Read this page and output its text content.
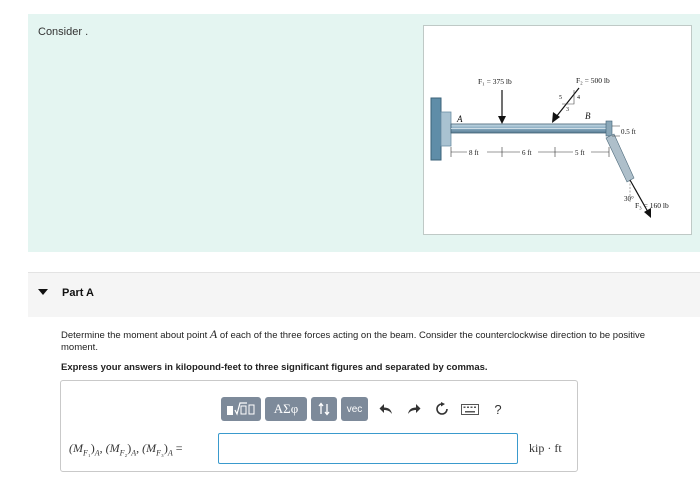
Consider .
A	B
F₁ = 375 lb	F₂ = 500 lb
5	4
3
0.5 ft
30°
F₃ = 160 lb
8 ft	6 ft	5 ft
Part A
Determine the moment about point A of each of the three forces acting on the beam. Consider the counterclockwise direction to be positive moment.
Express your answers in kilopound-feet to three significant figures and separated by commas.
AΣφ	vec	?
$(M_{F_1})_A$, $(M_{F_2})_A$, $(M_{F_3})_A$ =	kip · ft
